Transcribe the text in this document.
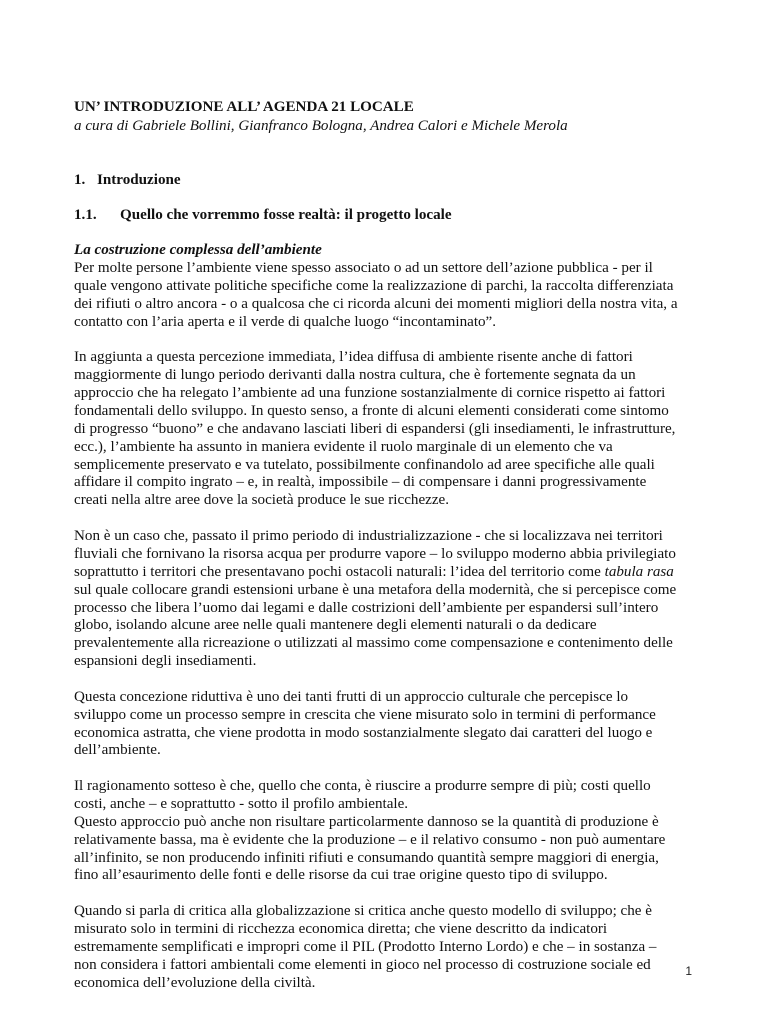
UN’ INTRODUZIONE ALL’ AGENDA 21 LOCALE

a cura di Gabriele Bollini, Gianfranco Bologna, Andrea Calori e Michele Merola

1. Introduzione

1.1. Quello che vorremmo fosse realtà: il progetto locale

La costruzione complessa dell’ambiente

Per molte persone l’ambiente viene spesso associato o ad un settore dell’azione pubblica - per il
quale vengono attivate politiche specifiche come la realizzazione di parchi, la raccolta differenziata
dei rifiuti o altro ancora - o a qualcosa che ci ricorda alcuni dei momenti migliori della nostra vita, a
contatto con l’aria aperta e il verde di qualche luogo “incontaminato”.

In aggiunta a questa percezione immediata, l’idea diffusa di ambiente risente anche di fattori
maggiormente di lungo periodo derivanti dalla nostra cultura, che è fortemente segnata da un
approccio che ha relegato l’ambiente ad una funzione sostanzialmente di cornice rispetto ai fattori
fondamentali dello sviluppo. In questo senso, a fronte di alcuni elementi considerati come sintomo
di progresso “buono” e che andavano lasciati liberi di espandersi (gli insediamenti, le infrastrutture,
ecc.), l’ambiente ha assunto in maniera evidente il ruolo marginale di un elemento che va
semplicemente preservato e va tutelato, possibilmente confinandolo ad aree specifiche alle quali
affidare il compito ingrato – e, in realtà, impossibile – di compensare i danni progressivamente
creati nella altre aree dove la società produce le sue ricchezze.

Non è un caso che, passato il primo periodo di industrializzazione - che si localizzava nei territori
fluviali che fornivano la risorsa acqua per produrre vapore – lo sviluppo moderno abbia privilegiato
soprattutto i territori che presentavano pochi ostacoli naturali: l’idea del territorio come tabula rasa
sul quale collocare grandi estensioni urbane è una metafora della modernità, che si percepisce come
processo che libera l’uomo dai legami e dalle costrizioni dell’ambiente per espandersi sull’intero
globo, isolando alcune aree nelle quali mantenere degli elementi naturali o da dedicare
prevalentemente alla ricreazione o utilizzati al massimo come compensazione e contenimento delle
espansioni degli insediamenti.

Questa concezione riduttiva è uno dei tanti frutti di un approccio culturale che percepisce lo
sviluppo come un processo sempre in crescita che viene misurato solo in termini di performance
economica astratta, che viene prodotta in modo sostanzialmente slegato dai caratteri del luogo e
dell’ambiente.

Il ragionamento sotteso è che, quello che conta, è riuscire a produrre sempre di più; costi quello
costi, anche – e soprattutto - sotto il profilo ambientale.

Questo approccio può anche non risultare particolarmente dannoso se la quantità di produzione è
relativamente bassa, ma è evidente che la produzione – e il relativo consumo - non può aumentare
all’infinito, se non producendo infiniti rifiuti e consumando quantità sempre maggiori di energia,
fino all’esaurimento delle fonti e delle risorse da cui trae origine questo tipo di sviluppo.

Quando si parla di critica alla globalizzazione si critica anche questo modello di sviluppo; che è
misurato solo in termini di ricchezza economica diretta; che viene descritto da indicatori
estremamente semplificati e impropri come il PIL (Prodotto Interno Lordo) e che – in sostanza –
non considera i fattori ambientali come elementi in gioco nel processo di costruzione sociale ed
economica dell’evoluzione della civiltà.

1
